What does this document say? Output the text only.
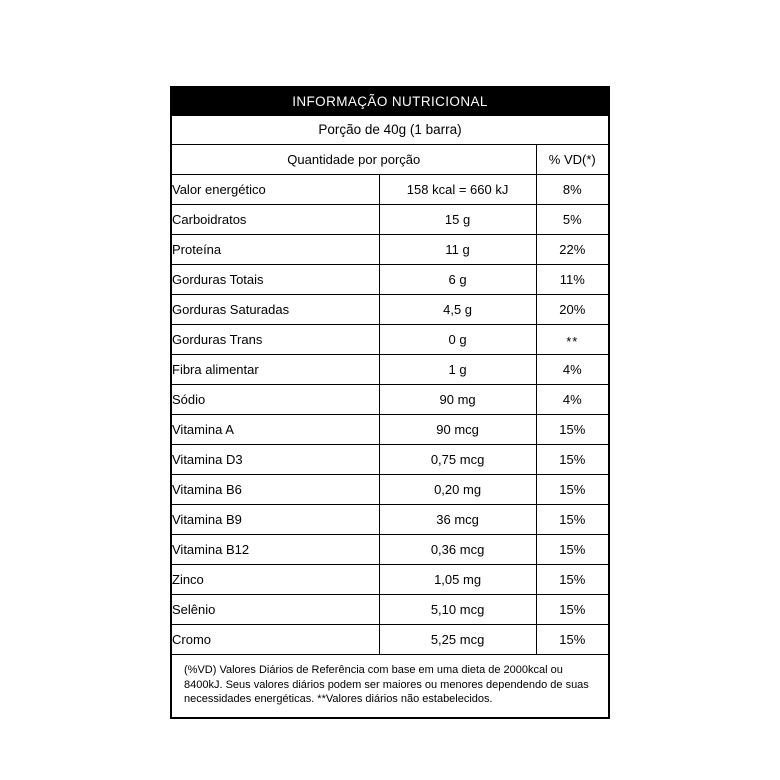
INFORMAÇÃO NUTRICIONAL
Porção de 40g (1 barra)
Quantidade por porção		% VD(*)
Valor energético	158 kcal = 660 kJ	8%
Carboidratos	15 g	5%
Proteína	11 g	22%
Gorduras Totais	6 g	11%
Gorduras Saturadas	4,5 g	20%
Gorduras Trans	0 g	**
Fibra alimentar	1 g	4%
Sódio	90 mg	4%
Vitamina A	90 mcg	15%
Vitamina D3	0,75 mcg	15%
Vitamina B6	0,20 mg	15%
Vitamina B9	36 mcg	15%
Vitamina B12	0,36 mcg	15%
Zinco	1,05 mg	15%
Selênio	5,10 mcg	15%
Cromo	5,25 mcg	15%
(%VD) Valores Diários de Referência com base em uma dieta de 2000kcal ou 8400kJ. Seus valores diários podem ser maiores ou menores dependendo de suas necessidades energéticas. **Valores diários não estabelecidos.
